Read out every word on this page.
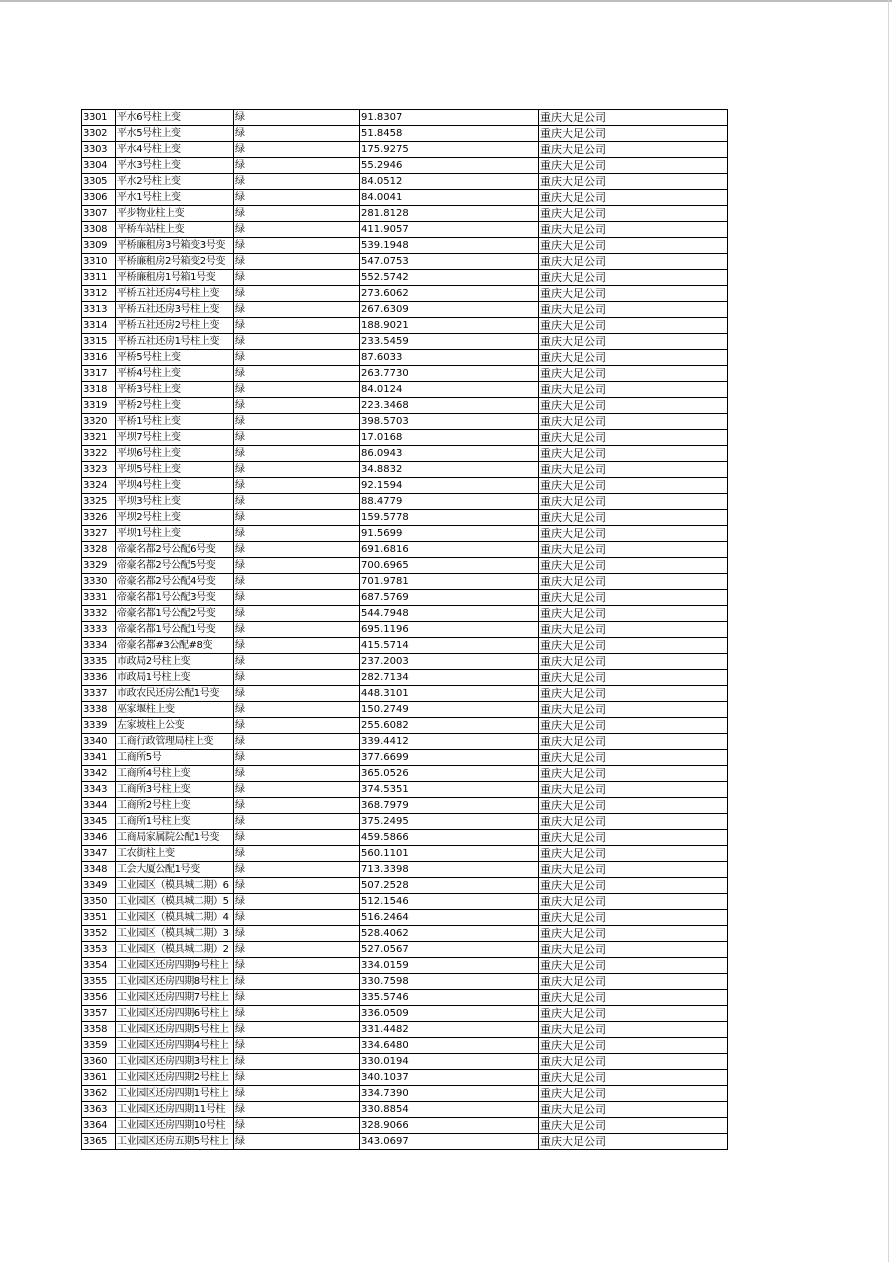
3301	平水6号柱上变	绿	91.8307	重庆大足公司
3302	平水5号柱上变	绿	51.8458	重庆大足公司
3303	平水4号柱上变	绿	175.9275	重庆大足公司
3304	平水3号柱上变	绿	55.2946	重庆大足公司
3305	平水2号柱上变	绿	84.0512	重庆大足公司
3306	平水1号柱上变	绿	84.0041	重庆大足公司
3307	平步物业柱上变	绿	281.8128	重庆大足公司
3308	平桥车站柱上变	绿	411.9057	重庆大足公司
3309	平桥廉租房3号箱变3号变	绿	539.1948	重庆大足公司
3310	平桥廉租房2号箱变2号变	绿	547.0753	重庆大足公司
3311	平桥廉租房1号箱1号变	绿	552.5742	重庆大足公司
3312	平桥五社还房4号柱上变	绿	273.6062	重庆大足公司
3313	平桥五社还房3号柱上变	绿	267.6309	重庆大足公司
3314	平桥五社还房2号柱上变	绿	188.9021	重庆大足公司
3315	平桥五社还房1号柱上变	绿	233.5459	重庆大足公司
3316	平桥5号柱上变	绿	87.6033	重庆大足公司
3317	平桥4号柱上变	绿	263.7730	重庆大足公司
3318	平桥3号柱上变	绿	84.0124	重庆大足公司
3319	平桥2号柱上变	绿	223.3468	重庆大足公司
3320	平桥1号柱上变	绿	398.5703	重庆大足公司
3321	平坝7号柱上变	绿	17.0168	重庆大足公司
3322	平坝6号柱上变	绿	86.0943	重庆大足公司
3323	平坝5号柱上变	绿	34.8832	重庆大足公司
3324	平坝4号柱上变	绿	92.1594	重庆大足公司
3325	平坝3号柱上变	绿	88.4779	重庆大足公司
3326	平坝2号柱上变	绿	159.5778	重庆大足公司
3327	平坝1号柱上变	绿	91.5699	重庆大足公司
3328	帝豪名都2号公配6号变	绿	691.6816	重庆大足公司
3329	帝豪名都2号公配5号变	绿	700.6965	重庆大足公司
3330	帝豪名都2号公配4号变	绿	701.9781	重庆大足公司
3331	帝豪名都1号公配3号变	绿	687.5769	重庆大足公司
3332	帝豪名都1号公配2号变	绿	544.7948	重庆大足公司
3333	帝豪名都1号公配1号变	绿	695.1196	重庆大足公司
3334	帝豪名都#3公配#8变	绿	415.5714	重庆大足公司
3335	市政局2号柱上变	绿	237.2003	重庆大足公司
3336	市政局1号柱上变	绿	282.7134	重庆大足公司
3337	市政农民还房公配1号变	绿	448.3101	重庆大足公司
3338	巫家堰柱上变	绿	150.2749	重庆大足公司
3339	左家坡柱上公变	绿	255.6082	重庆大足公司
3340	工商行政管理局柱上变	绿	339.4412	重庆大足公司
3341	工商所5号	绿	377.6699	重庆大足公司
3342	工商所4号柱上变	绿	365.0526	重庆大足公司
3343	工商所3号柱上变	绿	374.5351	重庆大足公司
3344	工商所2号柱上变	绿	368.7979	重庆大足公司
3345	工商所1号柱上变	绿	375.2495	重庆大足公司
3346	工商局家属院公配1号变	绿	459.5866	重庆大足公司
3347	工农街柱上变	绿	560.1101	重庆大足公司
3348	工会大厦公配1号变	绿	713.3398	重庆大足公司
3349	工业园区（模具城二期）6	绿	507.2528	重庆大足公司
3350	工业园区（模具城二期）5	绿	512.1546	重庆大足公司
3351	工业园区（模具城二期）4	绿	516.2464	重庆大足公司
3352	工业园区（模具城二期）3	绿	528.4062	重庆大足公司
3353	工业园区（模具城二期）2	绿	527.0567	重庆大足公司
3354	工业园区还房四期9号柱上	绿	334.0159	重庆大足公司
3355	工业园区还房四期8号柱上	绿	330.7598	重庆大足公司
3356	工业园区还房四期7号柱上	绿	335.5746	重庆大足公司
3357	工业园区还房四期6号柱上	绿	336.0509	重庆大足公司
3358	工业园区还房四期5号柱上	绿	331.4482	重庆大足公司
3359	工业园区还房四期4号柱上	绿	334.6480	重庆大足公司
3360	工业园区还房四期3号柱上	绿	330.0194	重庆大足公司
3361	工业园区还房四期2号柱上	绿	340.1037	重庆大足公司
3362	工业园区还房四期1号柱上	绿	334.7390	重庆大足公司
3363	工业园区还房四期11号柱	绿	330.8854	重庆大足公司
3364	工业园区还房四期10号柱	绿	328.9066	重庆大足公司
3365	工业园区还房五期5号柱上	绿	343.0697	重庆大足公司
